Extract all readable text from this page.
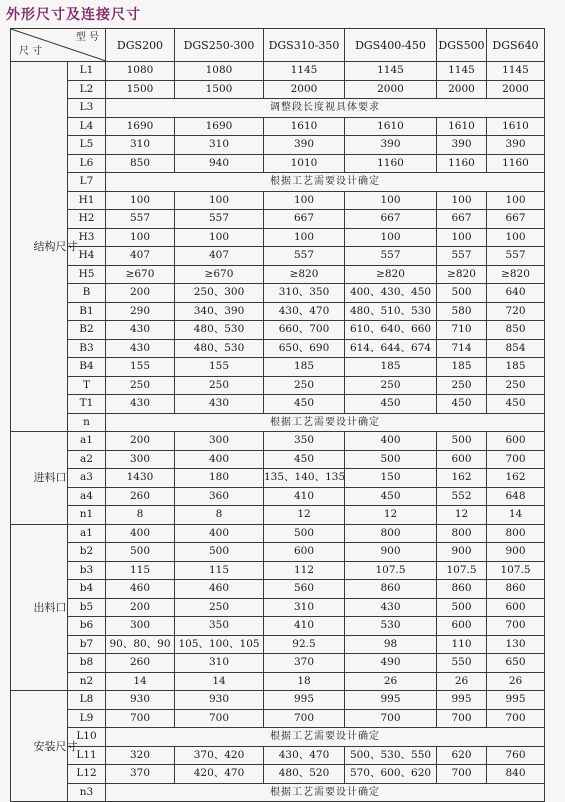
外形尺寸及连接尺寸
型 号
尺 寸		DGS200	DGS250-300	DGS310-350	DGS400-450	DGS500	DGS640
结构尺寸	L1	1080	1080	1145	1145	1145	1145
	L2	1500	1500	2000	2000	2000	2000
	L3	调整段长度视具体要求					
	L4	1690	1690	1610	1610	1610	1610
	L5	310	310	390	390	390	390
	L6	850	940	1010	1160	1160	1160
	L7	根据工艺需要设计确定					
	H1	100	100	100	100	100	100
	H2	557	557	667	667	667	667
	H3	100	100	100	100	100	100
	H4	407	407	557	557	557	557
	H5	≥670	≥670	≥820	≥820	≥820	≥820
	B	200	250、300	310、350	400、430、450	500	640
	B1	290	340、390	430、470	480、510、530	580	720
	B2	430	480、530	660、700	610、640、660	710	850
	B3	430	480、530	650、690	614、644、674	714	854
	B4	155	155	185	185	185	185
	T	250	250	250	250	250	250
	T1	430	430	450	450	450	450
	n	根据工艺需要设计确定					
进料口	a1	200	300	350	400	500	600
	a2	300	400	450	500	600	700
	a3	1430	180	135、140、135	150	162	162
	a4	260	360	410	450	552	648
	n1	8	8	12	12	12	14
出料口	a1	400	400	500	800	800	800
	b2	500	500	600	900	900	900
	b3	115	115	112	107.5	107.5	107.5
	b4	460	460	560	860	860	860
	b5	200	250	310	430	500	600
	b6	300	350	410	530	600	700
	b7	90、80、90	105、100、105	92.5	98	110	130
	b8	260	310	370	490	550	650
	n2	14	14	18	26	26	26
安装尺寸	L8	930	930	995	995	995	995
	L9	700	700	700	700	700	700
	L10	根据工艺需要设计确定					
	L11	320	370、420	430、470	500、530、550	620	760
	L12	370	420、470	480、520	570、600、620	700	840
	n3	根据工艺需要设计确定					
